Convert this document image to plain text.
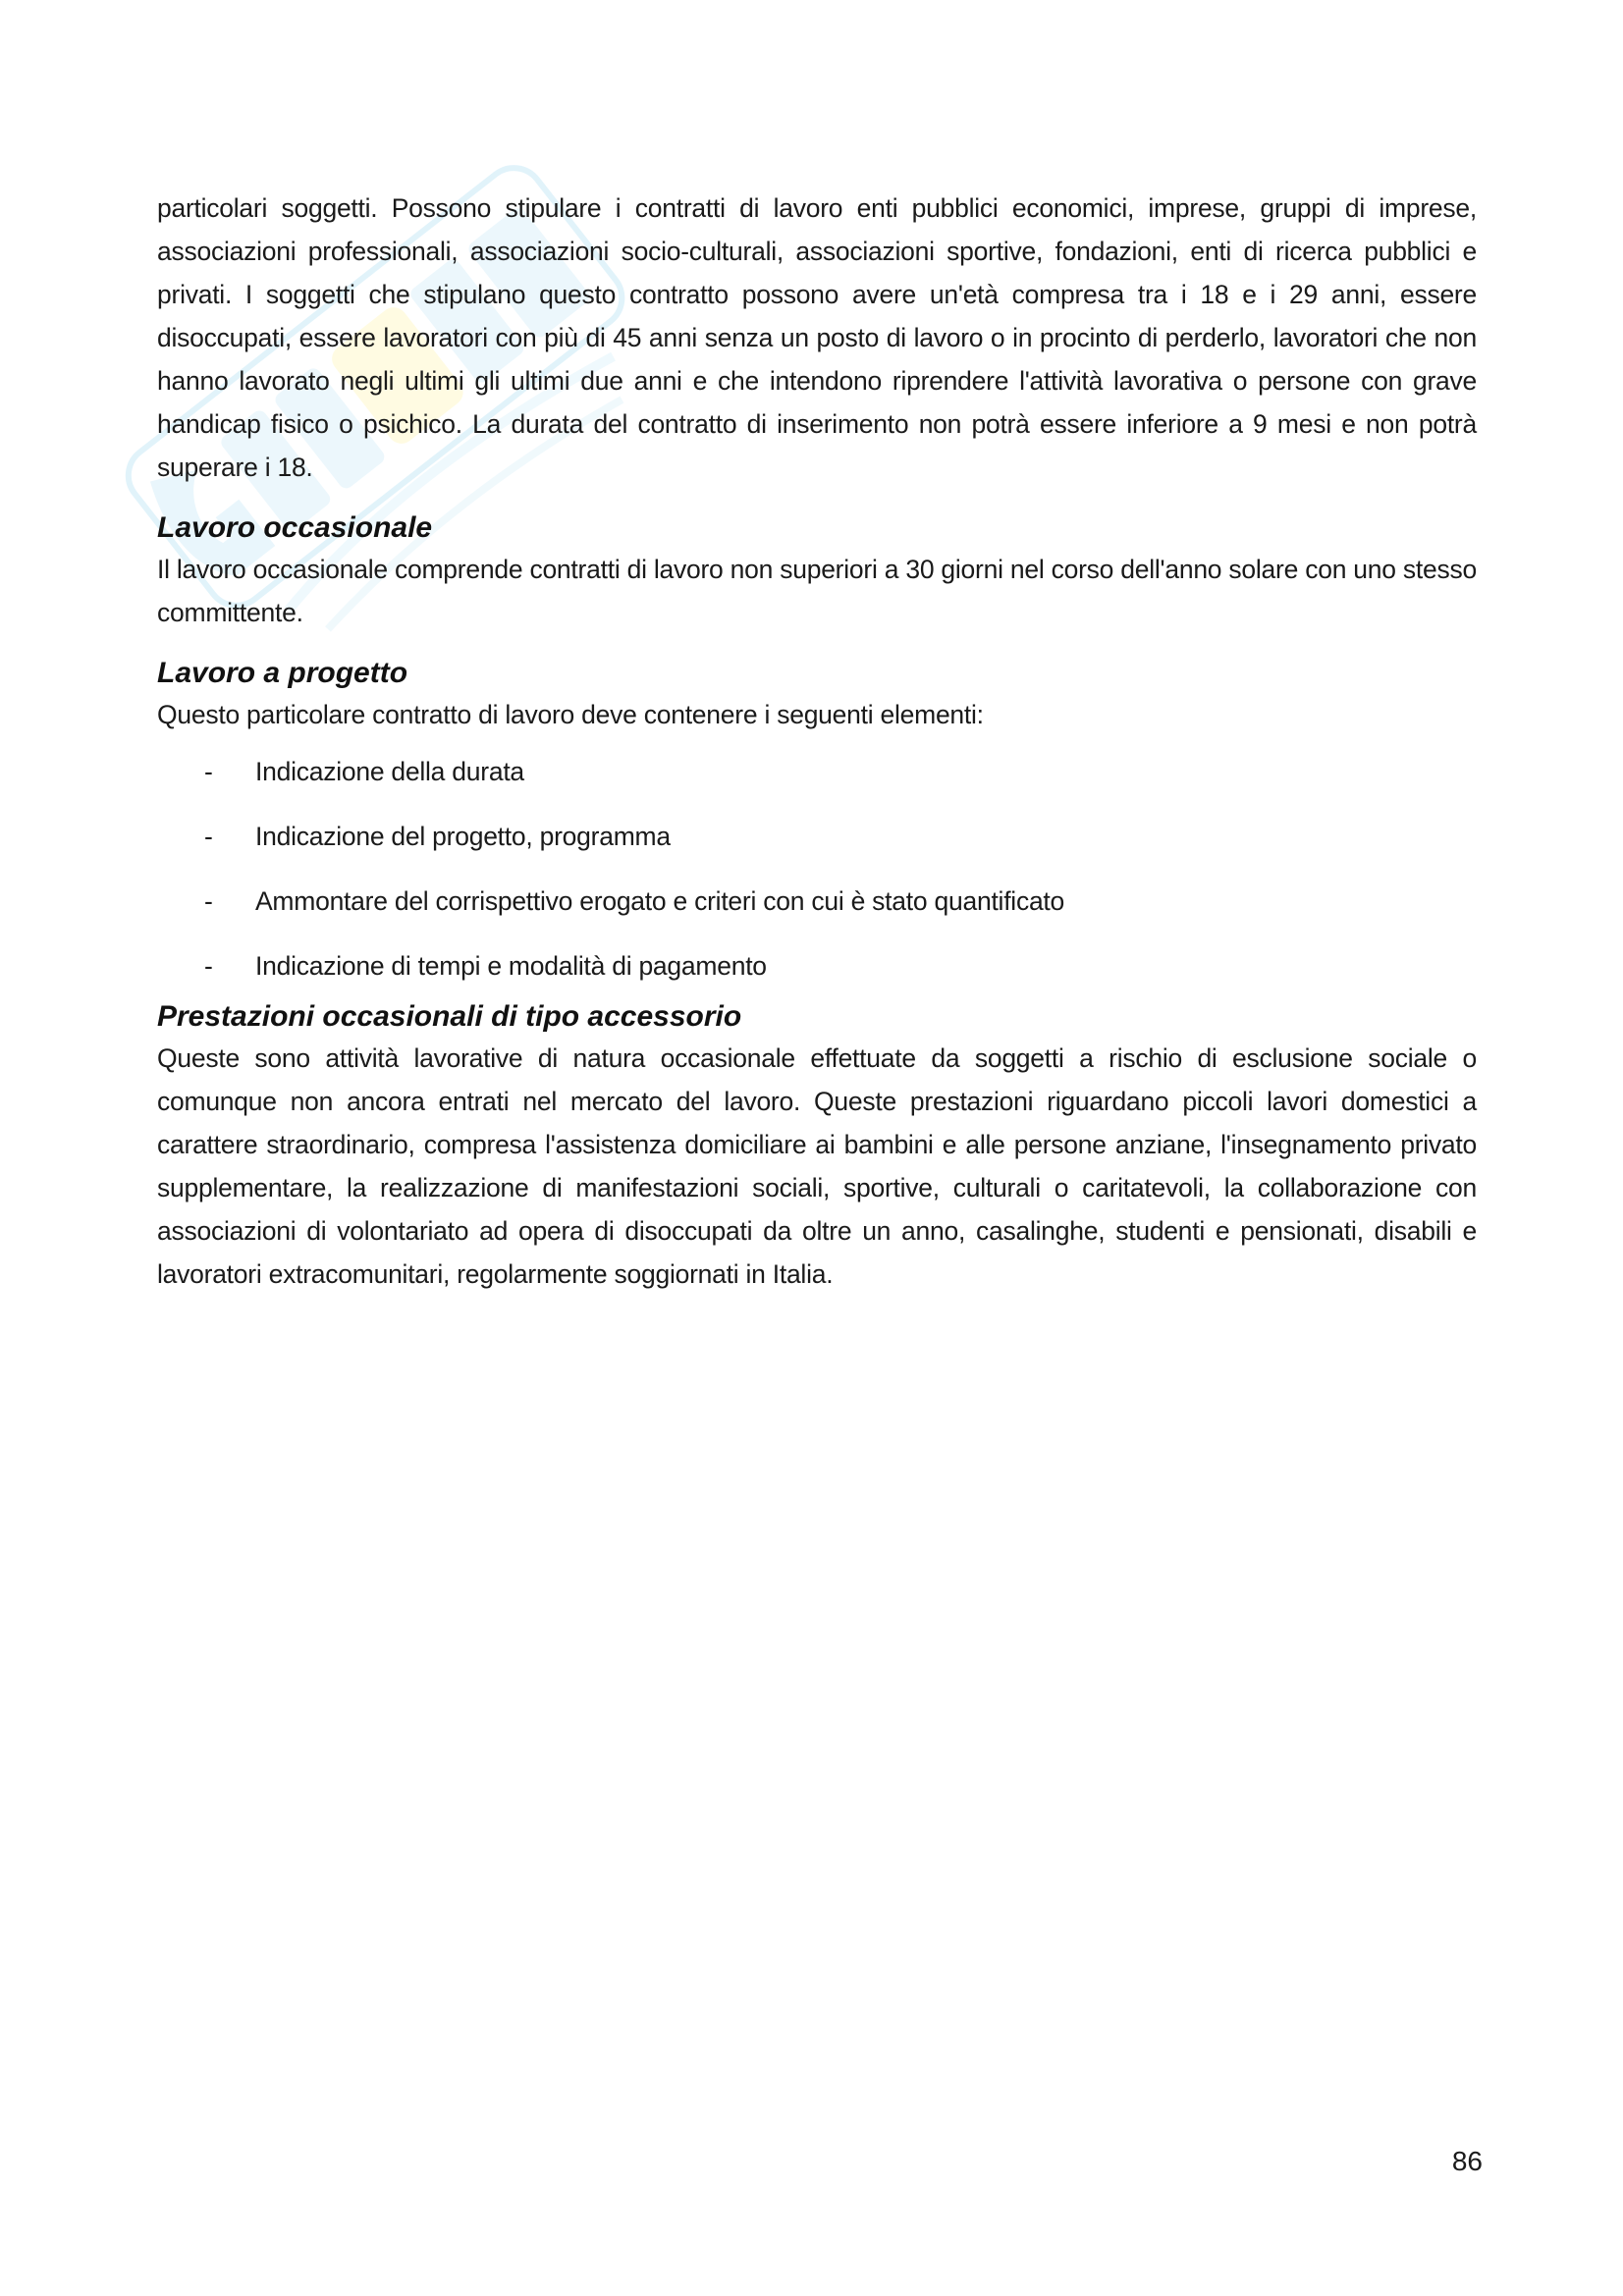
particolari soggetti. Possono stipulare i contratti di lavoro enti pubblici economici, imprese, gruppi di imprese, associazioni professionali, associazioni socio-culturali, associazioni sportive, fondazioni, enti di ricerca pubblici e privati. I soggetti che stipulano questo contratto possono avere un'età compresa tra i 18 e i 29 anni, essere disoccupati, essere lavoratori con più di 45 anni senza un posto di lavoro o in procinto di perderlo, lavoratori che non hanno lavorato negli ultimi gli ultimi due anni e che intendono riprendere l'attività lavorativa o persone con grave handicap fisico o psichico. La durata del contratto di inserimento non potrà essere inferiore a 9 mesi e non potrà superare i 18.

Lavoro occasionale

Il lavoro occasionale comprende contratti di lavoro non superiori a 30 giorni nel corso dell'anno solare con uno stesso committente.

Lavoro a progetto

Questo particolare contratto di lavoro deve contenere i seguenti elementi:

- Indicazione della durata
- Indicazione del progetto, programma
- Ammontare del corrispettivo erogato e criteri con cui è stato quantificato
- Indicazione di tempi e modalità di pagamento
Prestazioni occasionali di tipo accessorio

Queste sono attività lavorative di natura occasionale effettuate da soggetti a rischio di esclusione sociale o comunque non ancora entrati nel mercato del lavoro. Queste prestazioni riguardano piccoli lavori domestici a carattere straordinario, compresa l'assistenza domiciliare ai bambini e alle persone anziane, l'insegnamento privato supplementare, la realizzazione di manifestazioni sociali, sportive, culturali o caritatevoli, la collaborazione con associazioni di volontariato ad opera di disoccupati da oltre un anno, casalinghe, studenti e pensionati, disabili e lavoratori extracomunitari, regolarmente soggiornati in Italia.

86
